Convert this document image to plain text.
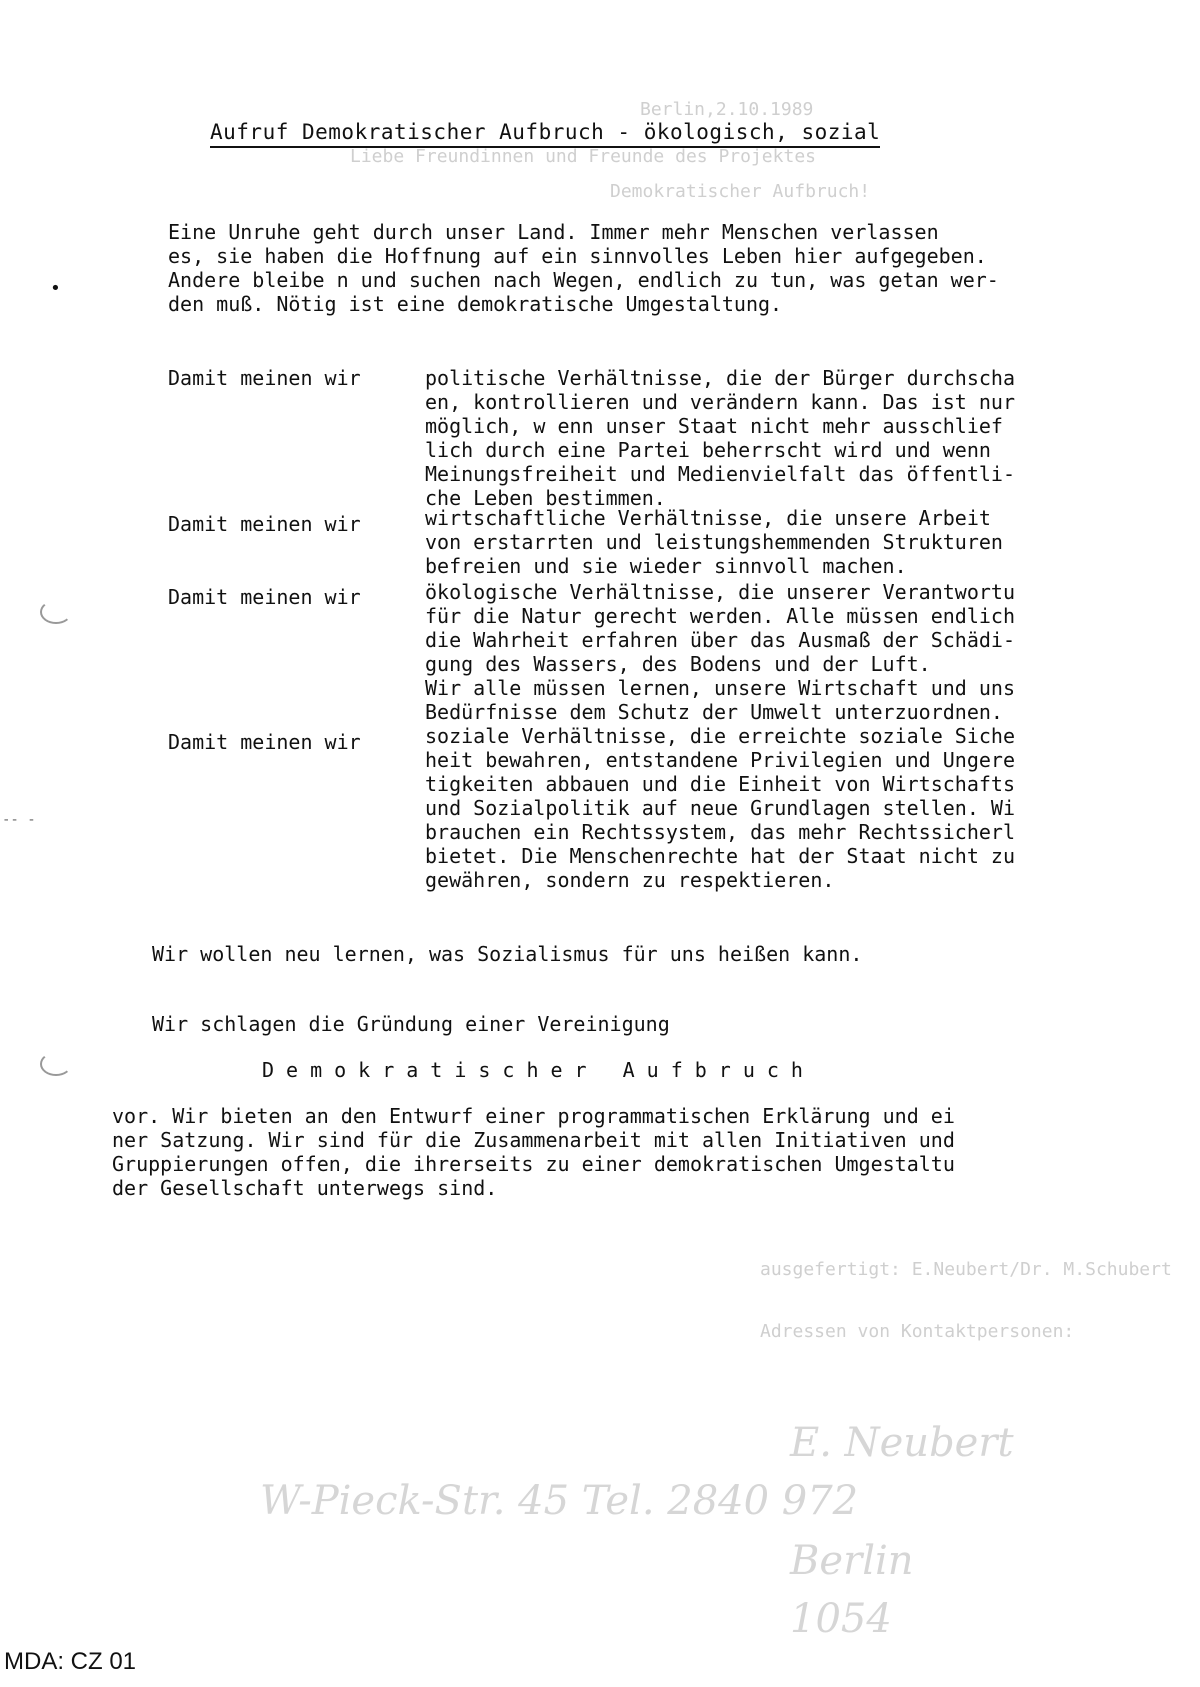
Berlin,2.10.1989
Liebe Freundinnen und Freunde des Projektes
Demokratischer Aufbruch!
ausgefertigt: E.Neubert/Dr. M.Schubert
Adressen von Kontaktpersonen:
E. Neubert
W-Pieck-Str. 45 Tel. 2840 972
Berlin
1054
Aufruf Demokratischer Aufbruch - ökologisch, sozial
•
Eine Unruhe geht durch unser Land. Immer mehr Menschen verlassen
es, sie haben die Hoffnung auf ein sinnvolles Leben hier aufgegeben.
Andere bleibe n und suchen nach Wegen, endlich zu tun, was getan wer-
den muß. Nötig ist eine demokratische Umgestaltung.
Damit meinen wir	politische Verhältnisse, die der Bürger durchscha
en, kontrollieren und verändern kann. Das ist nur
möglich, w enn unser Staat nicht mehr ausschlief
lich durch eine Partei beherrscht wird und wenn
Meinungsfreiheit und Medienvielfalt das öffentli-
che Leben bestimmen.
Damit meinen wir	wirtschaftliche Verhältnisse, die unsere Arbeit
von erstarrten und leistungshemmenden Strukturen
befreien und sie wieder sinnvoll machen.
Damit meinen wir	ökologische Verhältnisse, die unserer Verantwortu
für die Natur gerecht werden. Alle müssen endlich
die Wahrheit erfahren über das Ausmaß der Schädi-
gung des Wassers, des Bodens und der Luft.
Wir alle müssen lernen, unsere Wirtschaft und uns
Bedürfnisse dem Schutz der Umwelt unterzuordnen.
Damit meinen wir	soziale Verhältnisse, die erreichte soziale Siche
heit bewahren, entstandene Privilegien und Ungere
tigkeiten abbauen und die Einheit von Wirtschafts
und Sozialpolitik auf neue Grundlagen stellen. Wi
brauchen ein Rechtssystem, das mehr Rechtssicherl
bietet. Die Menschenrechte hat der Staat nicht zu
gewähren, sondern zu respektieren.
-- -
Wir wollen neu lernen, was Sozialismus für uns heißen kann.
Wir schlagen die Gründung einer Vereinigung
Demokratischer Aufbruch
vor. Wir bieten an den Entwurf einer programmatischen Erklärung und ei
ner Satzung. Wir sind für die Zusammenarbeit mit allen Initiativen und
Gruppierungen offen, die ihrerseits zu einer demokratischen Umgestaltu
der Gesellschaft unterwegs sind.
MDA: CZ 01
